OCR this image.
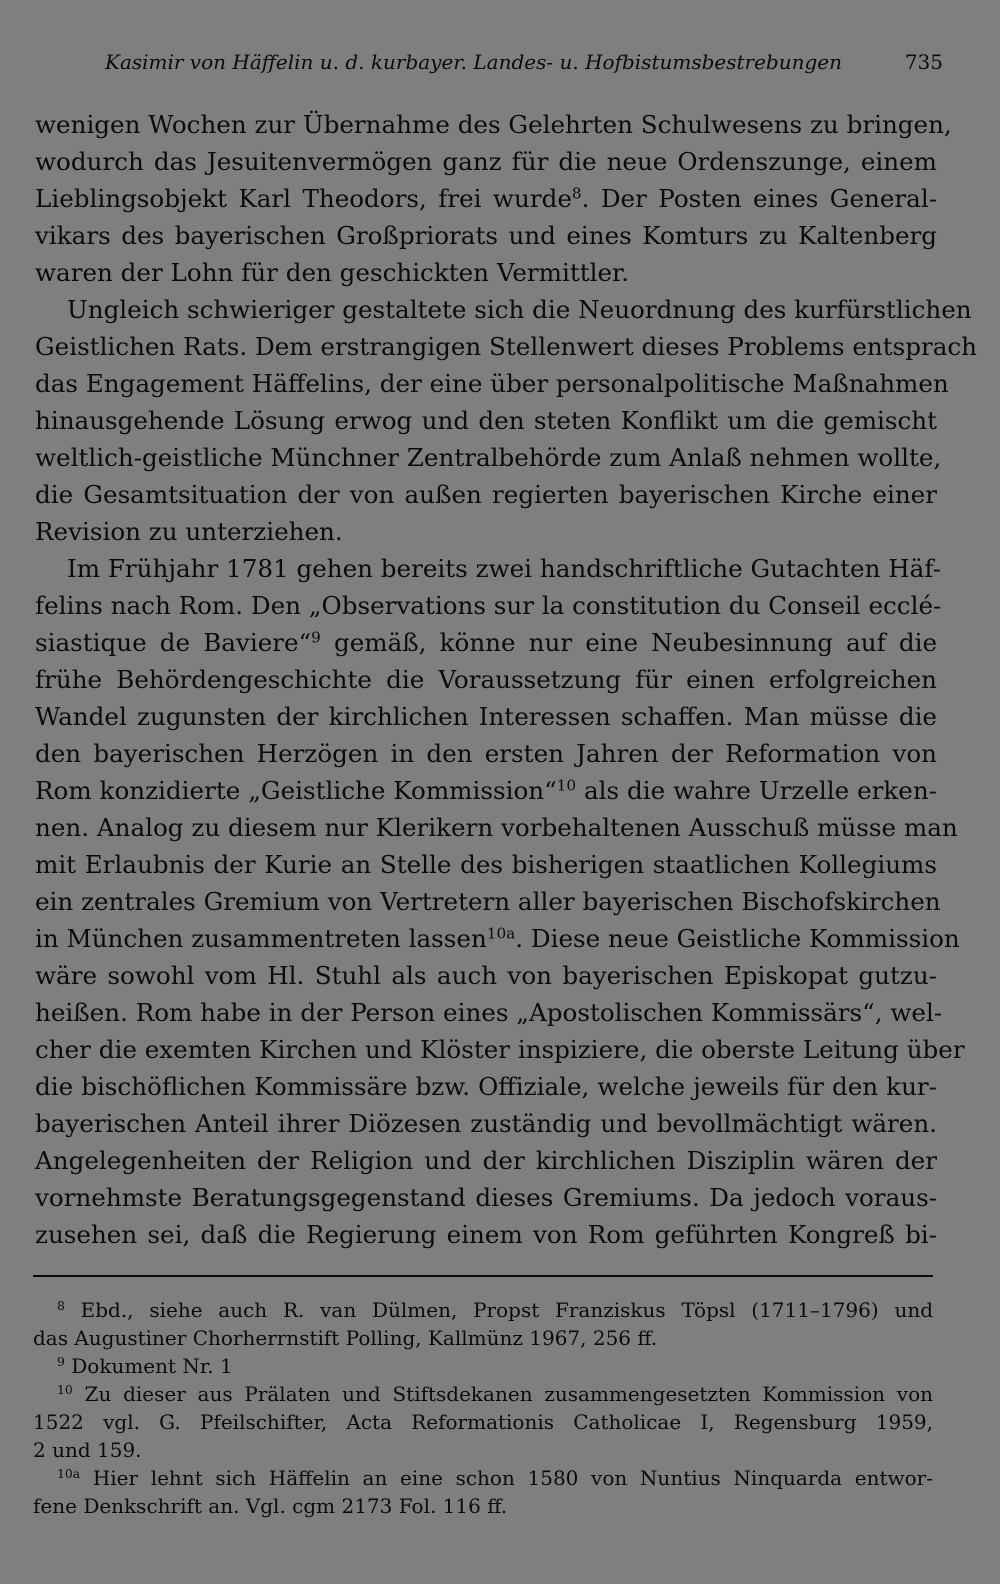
Kasimir von Häffelin u. d. kurbayer. Landes- u. Hofbistumsbestrebungen	735
wenigen Wochen zur Übernahme des Gelehrten Schulwesens zu bringen,
wodurch das Jesuitenvermögen ganz für die neue Ordenszunge, einem
Lieblingsobjekt Karl Theodors, frei wurde$^8$. Der Posten eines General-
vikars des bayerischen Großpriorats und eines Komturs zu Kaltenberg
waren der Lohn für den geschickten Vermittler.
Ungleich schwieriger gestaltete sich die Neuordnung des kurfürstlichen
Geistlichen Rats. Dem erstrangigen Stellenwert dieses Problems entsprach
das Engagement Häffelins, der eine über personalpolitische Maßnahmen
hinausgehende Lösung erwog und den steten Konflikt um die gemischt
weltlich-geistliche Münchner Zentralbehörde zum Anlaß nehmen wollte,
die Gesamtsituation der von außen regierten bayerischen Kirche einer
Revision zu unterziehen.
Im Frühjahr 1781 gehen bereits zwei handschriftliche Gutachten Häf-
felins nach Rom. Den „Observations sur la constitution du Conseil ecclé-
siastique de Baviere“$^9$ gemäß, könne nur eine Neubesinnung auf die
frühe Behördengeschichte die Voraussetzung für einen erfolgreichen
Wandel zugunsten der kirchlichen Interessen schaffen. Man müsse die
den bayerischen Herzögen in den ersten Jahren der Reformation von
Rom konzidierte „Geistliche Kommission“$^{10}$ als die wahre Urzelle erken-
nen. Analog zu diesem nur Klerikern vorbehaltenen Ausschuß müsse man
mit Erlaubnis der Kurie an Stelle des bisherigen staatlichen Kollegiums
ein zentrales Gremium von Vertretern aller bayerischen Bischofskirchen
in München zusammentreten lassen$^{10a}$. Diese neue Geistliche Kommission
wäre sowohl vom Hl. Stuhl als auch von bayerischen Episkopat gutzu-
heißen. Rom habe in der Person eines „Apostolischen Kommissärs“, wel-
cher die exemten Kirchen und Klöster inspiziere, die oberste Leitung über
die bischöflichen Kommissäre bzw. Offiziale, welche jeweils für den kur-
bayerischen Anteil ihrer Diözesen zuständig und bevollmächtigt wären.
Angelegenheiten der Religion und der kirchlichen Disziplin wären der
vornehmste Beratungsgegenstand dieses Gremiums. Da jedoch voraus-
zusehen sei, daß die Regierung einem von Rom geführten Kongreß bi-
$^8$ Ebd., siehe auch R. van Dülmen, Propst Franziskus Töpsl (1711–1796) und
das Augustiner Chorherrnstift Polling, Kallmünz 1967, 256 ff.
$^9$ Dokument Nr. 1
$^{10}$ Zu dieser aus Prälaten und Stiftsdekanen zusammengesetzten Kommission von
1522 vgl. G. Pfeilschifter, Acta Reformationis Catholicae I, Regensburg 1959,
2 und 159.
$^{10a}$ Hier lehnt sich Häffelin an eine schon 1580 von Nuntius Ninquarda entwor-
fene Denkschrift an. Vgl. cgm 2173 Fol. 116 ff.
